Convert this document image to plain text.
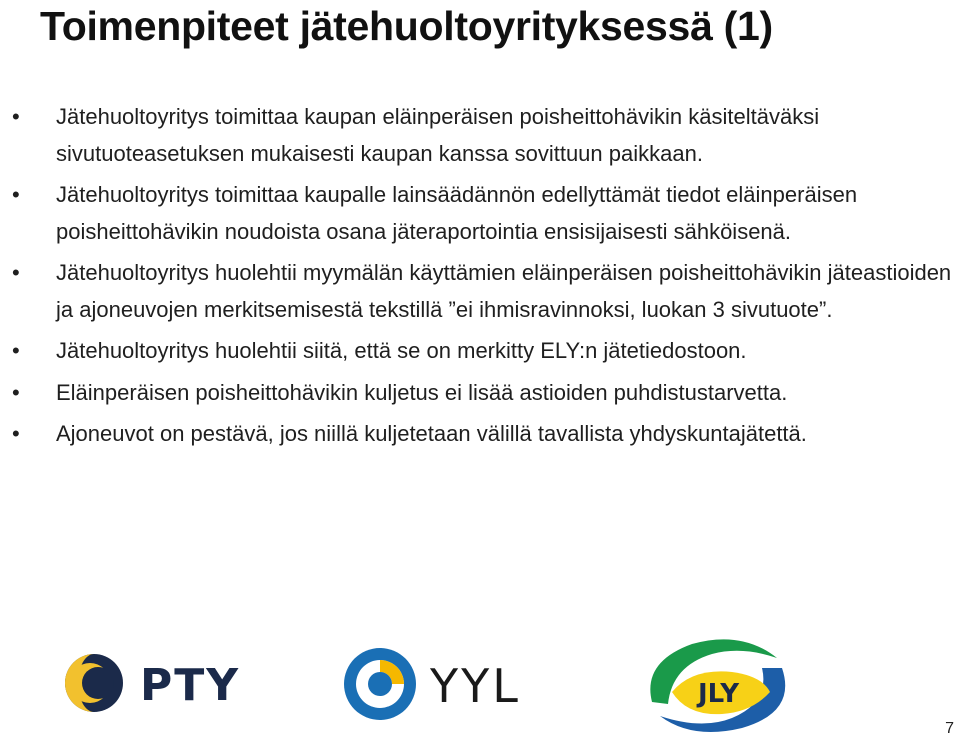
Toimenpiteet jätehuoltoyrityksessä (1)
• Jätehuoltoyritys toimittaa kaupan eläinperäisen poisheittohävikin käsiteltäväksi sivutuoteasetuksen mukaisesti kaupan kanssa sovittuun paikkaan.
• Jätehuoltoyritys toimittaa kaupalle lainsäädännön edellyttämät tiedot eläinperäisen poisheittohävikin noudoista osana jäteraportointia ensisijaisesti sähköisenä.
• Jätehuoltoyritys huolehtii myymälän käyttämien eläinperäisen poisheittohävikin jäteastioiden ja ajoneuvojen merkitsemisestä tekstillä ”ei ihmisravinnoksi, luokan 3 sivutuote”.
• Jätehuoltoyritys huolehtii siitä, että se on merkitty ELY:n jätetiedostoon.
• Eläinperäisen poisheittohävikin kuljetus ei lisää astioiden puhdistustarvetta.
• Ajoneuvot on pestävä, jos niillä kuljetetaan välillä tavallista yhdyskuntajätettä.
PTY	YYL	JLY
7
